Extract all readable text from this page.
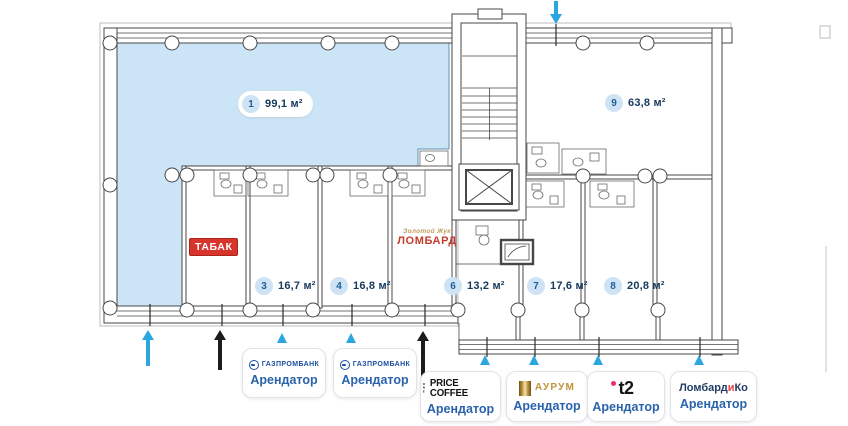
1	99,1 м²	9	63,8 м²
3	16,7 м²	4	16,8 м²	6	13,2 м²	7	17,6 м²	8	20,8 м²
ТАБАК
Золотой Жук
ЛОМБАРД
ГАЗПРОМБАНК
Арендатор
ГАЗПРОМБАНК
Арендатор
ONE PRICE COFFEE
Арендатор
АУРУМ
Арендатор
t2
Арендатор
ЛомбардиКо
Арендатор
